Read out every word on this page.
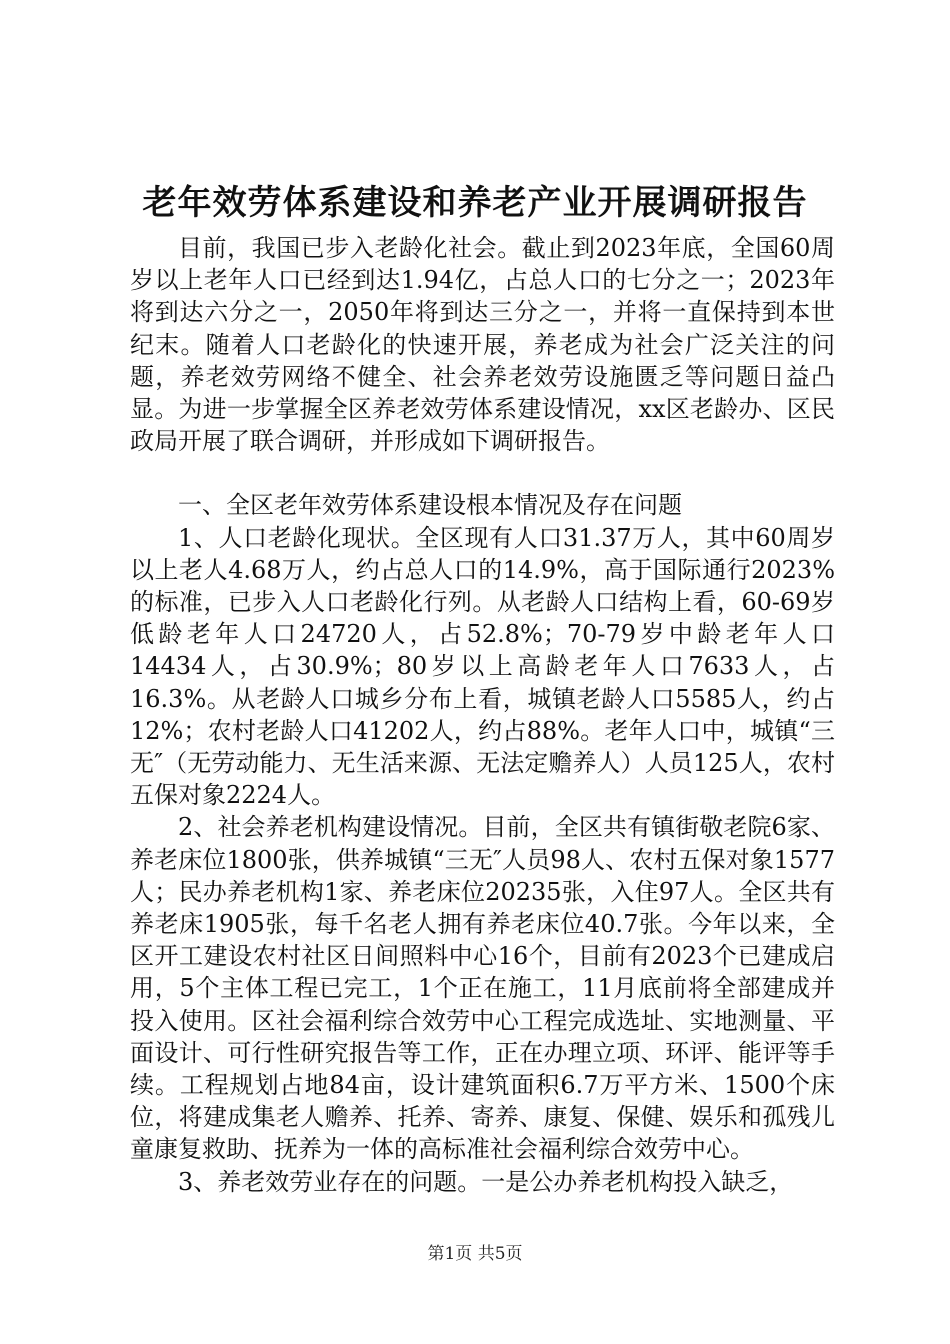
老年效劳体系建设和养老产业开展调研报告

目前，我国已步入老龄化社会。截止到2023年底，全国60周岁以上老年人口已经到达1.94亿，占总人口的七分之一；2023年将到达六分之一，2050年将到达三分之一，并将一直保持到本世纪末。随着人口老龄化的快速开展，养老成为社会广泛关注的问题，养老效劳网络不健全、社会养老效劳设施匮乏等问题日益凸显。为进一步掌握全区养老效劳体系建设情况，xx区老龄办、区民政局开展了联合调研，并形成如下调研报告。

一、全区老年效劳体系建设根本情况及存在问题

1、人口老龄化现状。全区现有人口31.37万人，其中60周岁以上老人4.68万人，约占总人口的14.9%，高于国际通行2023%的标准，已步入人口老龄化行列。从老龄人口结构上看，60-69岁低龄老年人口24720人，占52.8%；70-79岁中龄老年人口14434人，占30.9%；80岁以上高龄老年人口7633人，占16.3%。从老龄人口城乡分布上看，城镇老龄人口5585人，约占12%；农村老龄人口41202人，约占88%。老年人口中，城镇“三无″（无劳动能力、无生活来源、无法定赡养人）人员125人，农村五保对象2224人。

2、社会养老机构建设情况。目前，全区共有镇街敬老院6家、养老床位1800张，供养城镇“三无″人员98人、农村五保对象1577人；民办养老机构1家、养老床位20235张，入住97人。全区共有养老床1905张，每千名老人拥有养老床位40.7张。今年以来，全区开工建设农村社区日间照料中心16个，目前有2023个已建成启用，5个主体工程已完工，1个正在施工，11月底前将全部建成并投入使用。区社会福利综合效劳中心工程完成选址、实地测量、平面设计、可行性研究报告等工作，正在办理立项、环评、能评等手续。工程规划占地84亩，设计建筑面积6.7万平方米、1500个床位，将建成集老人赡养、托养、寄养、康复、保健、娱乐和孤残儿童康复救助、抚养为一体的高标准社会福利综合效劳中心。

3、养老效劳业存在的问题。一是公办养老机构投入缺乏，

第1页 共5页
